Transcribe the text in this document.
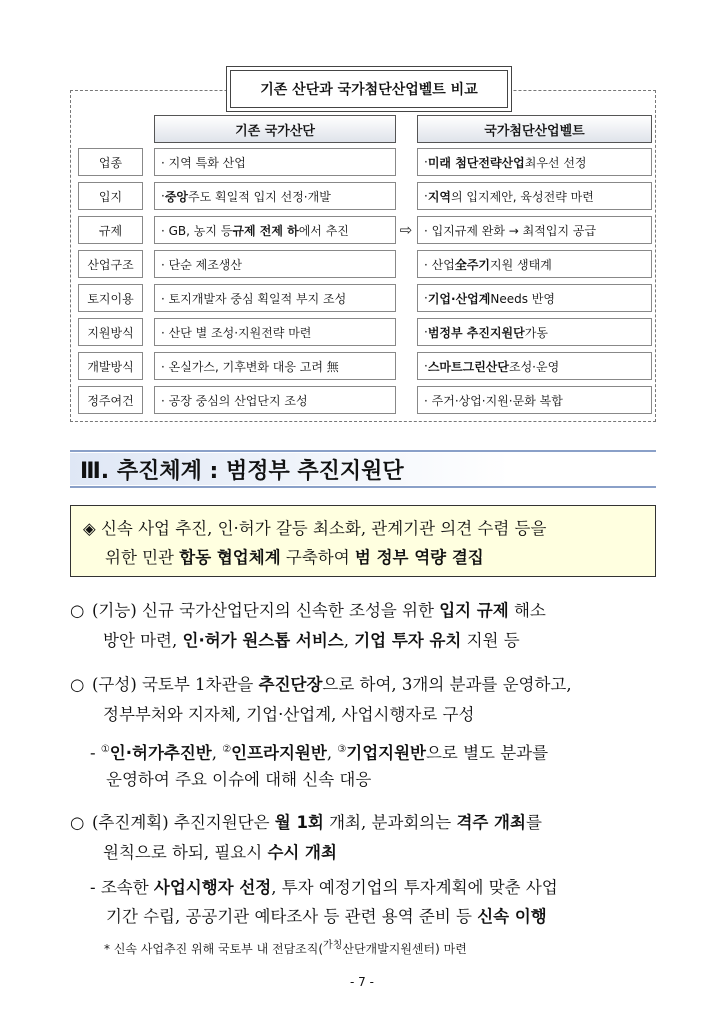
기존 산단과 국가첨단산업벨트 비교
기존 국가산단	국가첨단산업벨트
⇨
업종	· 지역 특화 산업	· 미래 첨단전략산업 최우선 선정
입지	· 중앙 주도 획일적 입지 선정·개발	· 지역 의 입지제안, 육성전략 마련
규제	· GB, 농지 등 규제 전제 하 에서 추진	· 입지규제 완화 → 최적입지 공급
산업구조 · 단순 제조생산	· 산업 全주기 지원 생태계
토지이용 · 토지개발자 중심 획일적 부지 조성	· 기업·산업계 Needs 반영
지원방식 · 산단 별 조성·지원전략 마련	· 범정부 추진지원단 가동
개발방식 · 온실가스, 기후변화 대응 고려 無	· 스마트그린산단 조성·운영
정주여건 · 공장 중심의 산업단지 조성	· 주거·상업·지원·문화 복합
Ⅲ. 추진체계 : 범정부 추진지원단
◈ 신속 사업 추진, 인·허가 갈등 최소화, 관계기관 의견 수렴 등을
위한 민관 합동 협업체계 구축하여 범 정부 역량 결집
○ (기능) 신규 국가산업단지의 신속한 조성을 위한 입지 규제 해소
방안 마련, 인·허가 원스톱 서비스, 기업 투자 유치 지원 등
○ (구성) 국토부 1차관을 추진단장으로 하여, 3개의 분과를 운영하고,
정부부처와 지자체, 기업·산업계, 사업시행자로 구성
- ①인·허가추진반, ②인프라지원반, ③기업지원반으로 별도 분과를
운영하여 주요 이슈에 대해 신속 대응
○ (추진계획) 추진지원단은 월 1회 개최, 분과회의는 격주 개최를
원칙으로 하되, 필요시 수시 개최
- 조속한 사업시행자 선정, 투자 예정기업의 투자계획에 맞춘 사업
기간 수립, 공공기관 예타조사 등 관련 용역 준비 등 신속 이행
* 신속 사업추진 위해 국토부 내 전담조직($^{가칭}$산단개발지원센터) 마련
- 7 -
